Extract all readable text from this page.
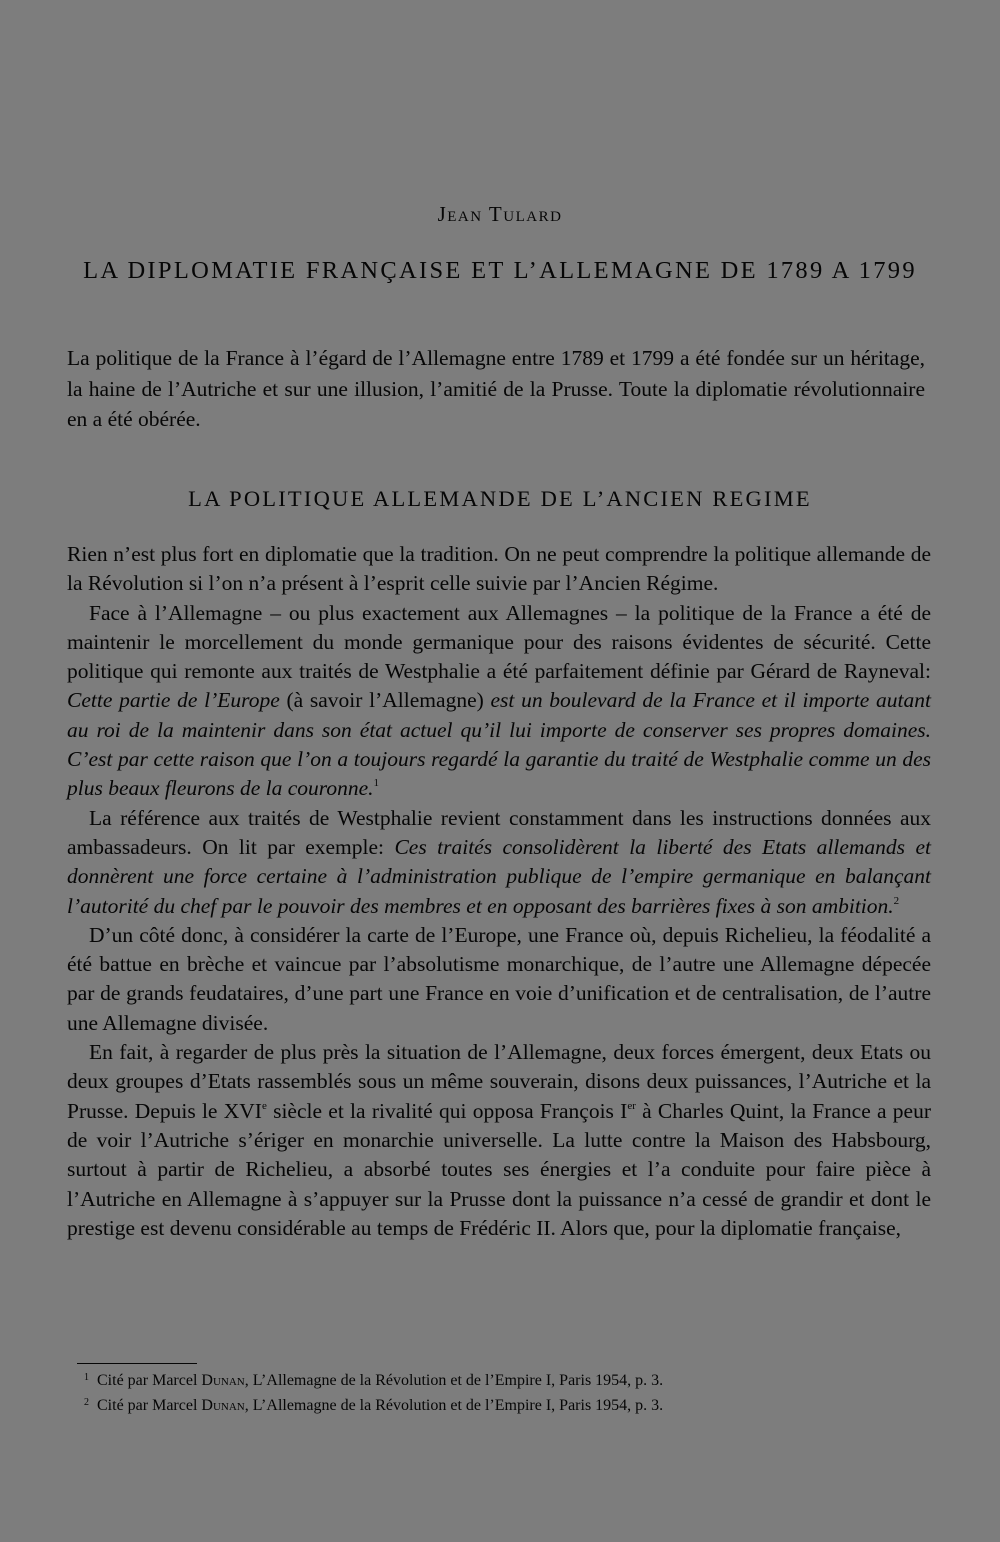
Jean Tulard
LA DIPLOMATIE FRANÇAISE ET L’ALLEMAGNE DE 1789 A 1799

La politique de la France à l’égard de l’Allemagne entre 1789 et 1799 a été fondée sur un héritage, la haine de l’Autriche et sur une illusion, l’amitié de la Prusse. Toute la diplomatie révolutionnaire en a été obérée.

LA POLITIQUE ALLEMANDE DE L’ANCIEN REGIME

Rien n’est plus fort en diplomatie que la tradition. On ne peut comprendre la politique allemande de la Révolution si l’on n’a présent à l’esprit celle suivie par l’Ancien Régime.

Face à l’Allemagne – ou plus exactement aux Allemagnes – la politique de la France a été de maintenir le morcellement du monde germanique pour des raisons évidentes de sécurité. Cette politique qui remonte aux traités de Westphalie a été parfaitement définie par Gérard de Rayneval: Cette partie de l’Europe (à savoir l’Allemagne) est un boulevard de la France et il importe autant au roi de la maintenir dans son état actuel qu’il lui importe de conserver ses propres domaines. C’est par cette raison que l’on a toujours regardé la garantie du traité de Westphalie comme un des plus beaux fleurons de la couronne.$^1$

La référence aux traités de Westphalie revient constamment dans les instructions données aux ambassadeurs. On lit par exemple: Ces traités consolidèrent la liberté des Etats allemands et donnèrent une force certaine à l’administration publique de l’empire germanique en balançant l’autorité du chef par le pouvoir des membres et en opposant des barrières fixes à son ambition.$^2$

D’un côté donc, à considérer la carte de l’Europe, une France où, depuis Richelieu, la féodalité a été battue en brèche et vaincue par l’absolutisme monarchique, de l’autre une Allemagne dépecée par de grands feudataires, d’une part une France en voie d’unification et de centralisation, de l’autre une Allemagne divisée.

En fait, à regarder de plus près la situation de l’Allemagne, deux forces émergent, deux Etats ou deux groupes d’Etats rassemblés sous un même souverain, disons deux puissances, l’Autriche et la Prusse. Depuis le XVIe siècle et la rivalité qui opposa François Ier à Charles Quint, la France a peur de voir l’Autriche s’ériger en monarchie universelle. La lutte contre la Maison des Habsbourg, surtout à partir de Richelieu, a absorbé toutes ses énergies et l’a conduite pour faire pièce à l’Autriche en Allemagne à s’appuyer sur la Prusse dont la puissance n’a cessé de grandir et dont le prestige est devenu considérable au temps de Frédéric II. Alors que, pour la diplomatie française,

$^1$ Cité par Marcel Dunan, L’Allemagne de la Révolution et de l’Empire I, Paris 1954, p. 3.

$^2$ Cité par Marcel Dunan, L’Allemagne de la Révolution et de l’Empire I, Paris 1954, p. 3.
